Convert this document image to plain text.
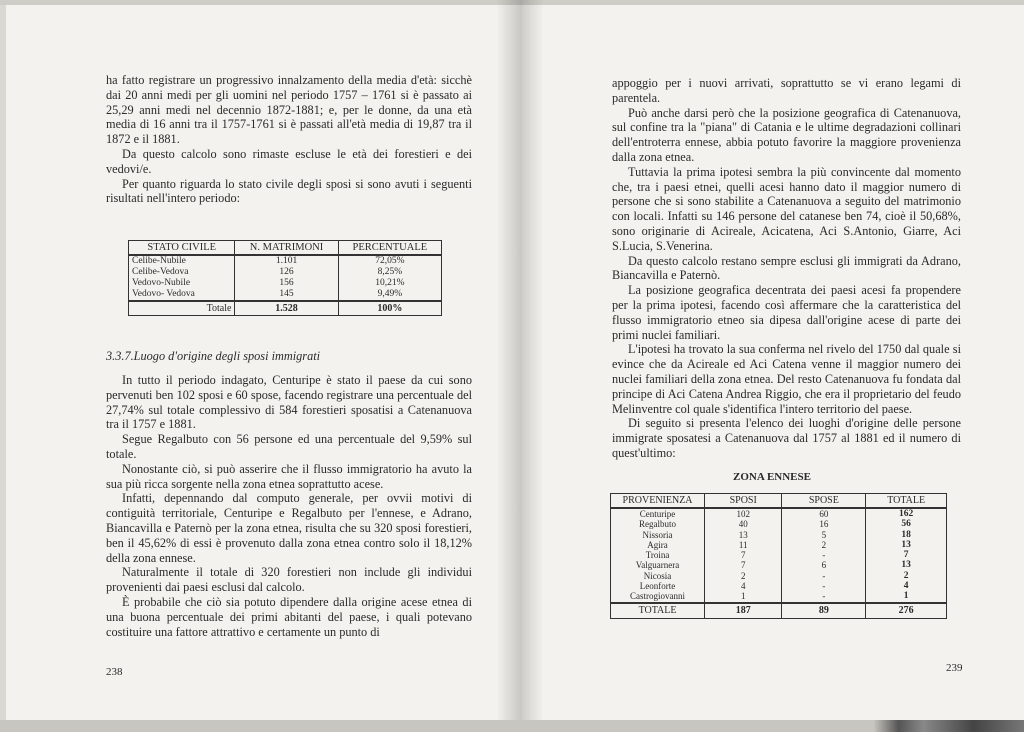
ha fatto registrare un progressivo innalzamento della media d'età: sicchè dai 20 anni medi per gli uomini nel periodo 1757 – 1761 si è passato ai 25,29 anni medi nel decennio 1872-1881; e, per le donne, da una età media di 16 anni tra il 1757-1761 si è passati all'età media di 19,87 tra il 1872 e il 1881.

Da questo calcolo sono rimaste escluse le età dei forestieri e dei vedovi/e.

Per quanto riguarda lo stato civile degli sposi si sono avuti i seguenti risultati nell'intero periodo:

STATO CIVILE	N. MATRIMONI	PERCENTUALE
Celibe-Nubile	1.101	72,05%
Celibe-Vedova	126	8,25%
Vedovo-Nubile	156	10,21%
Vedovo- Vedova	145	9,49%
Totale	1.528	100%
3.3.7.Luogo d'origine degli sposi immigrati

In tutto il periodo indagato, Centuripe è stato il paese da cui sono pervenuti ben 102 sposi e 60 spose, facendo registrare una percentuale del 27,74% sul totale complessivo di 584 forestieri sposatisi a Catenanuova tra il 1757 e 1881.

Segue Regalbuto con 56 persone ed una percentuale del 9,59% sul totale.

Nonostante ciò, si può asserire che il flusso immigratorio ha avuto la sua più ricca sorgente nella zona etnea soprattutto acese.

Infatti, depennando dal computo generale, per ovvii motivi di contiguità territoriale, Centuripe e Regalbuto per l'ennese, e Adrano, Biancavilla e Paternò per la zona etnea, risulta che su 320 sposi forestieri, ben il 45,62% di essi è provenuto dalla zona etnea contro solo il 18,12% della zona ennese.

Naturalmente il totale di 320 forestieri non include gli individui provenienti dai paesi esclusi dal calcolo.

È probabile che ciò sia potuto dipendere dalla origine acese etnea di una buona percentuale dei primi abitanti del paese, i quali potevano costituire una fattore attrattivo e certamente un punto di

238

appoggio per i nuovi arrivati, soprattutto se vi erano legami di parentela.

Può anche darsi però che la posizione geografica di Catenanuova, sul confine tra la "piana" di Catania e le ultime degradazioni collinari dell'entroterra ennese, abbia potuto favorire la maggiore provenienza dalla zona etnea.

Tuttavia la prima ipotesi sembra la più convincente dal momento che, tra i paesi etnei, quelli acesi hanno dato il maggior numero di persone che si sono stabilite a Catenanuova a seguito del matrimonio con locali. Infatti su 146 persone del catanese ben 74, cioè il 50,68%, sono originarie di Acireale, Acicatena, Aci S.Antonio, Giarre, Aci S.Lucia, S.Venerina.

Da questo calcolo restano sempre esclusi gli immigrati da Adrano, Biancavilla e Paternò.

La posizione geografica decentrata dei paesi acesi fa propendere per la prima ipotesi, facendo così affermare che la caratteristica del flusso immigratorio etneo sia dipesa dall'origine acese di parte dei primi nuclei familiari.

L'ipotesi ha trovato la sua conferma nel rivelo del 1750 dal quale si evince che da Acireale ed Aci Catena venne il maggior numero dei nuclei familiari della zona etnea. Del resto Catenanuova fu fondata dal principe di Aci Catena Andrea Riggio, che era il proprietario del feudo Melinventre col quale s'identifica l'intero territorio del paese.

Di seguito si presenta l'elenco dei luoghi d'origine delle persone immigrate sposatesi a Catenanuova dal 1757 al 1881 ed il numero di quest'ultimo:

ZONA ENNESE
PROVENIENZA	SPOSI	SPOSE	TOTALE
Centuripe	102	60	162
Regalbuto	40	16	56
Nissoria	13	5	18
Agira	11	2	13
Troina	7	-	7
Valguarnera	7	6	13
Nicosia	2	-	2
Leonforte	4	-	4
Castrogiovanni	1	-	1
TOTALE	187	89	276
239
